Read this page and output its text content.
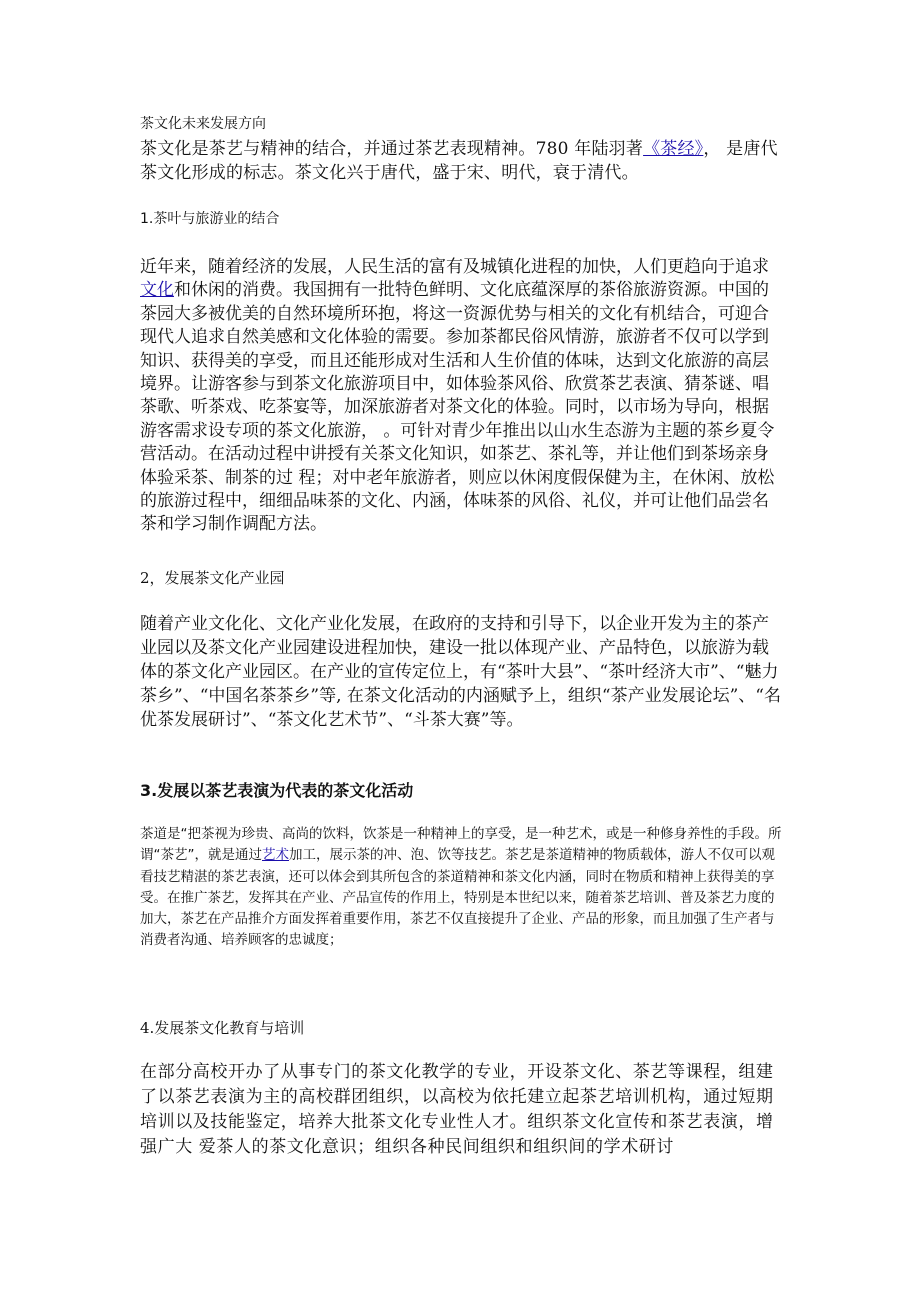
茶文化未来发展方向

茶文化是茶艺与精神的结合，并通过茶艺表现精神。780 年陆羽著《茶经》， 是唐代茶文化形成的标志。茶文化兴于唐代，盛于宋、明代，衰于清代。

1.茶叶与旅游业的结合

近年来，随着经济的发展，人民生活的富有及城镇化进程的加快，人们更趋向于追求文化和休闲的消费。我国拥有一批特色鲜明、文化底蕴深厚的茶俗旅游资源。中国的茶园大多被优美的自然环境所环抱，将这一资源优势与相关的文化有机结合，可迎合现代人追求自然美感和文化体验的需要。参加茶都民俗风情游，旅游者不仅可以学到知识、获得美的享受，而且还能形成对生活和人生价值的体味，达到文化旅游的高层境界。让游客参与到茶文化旅游项目中，如体验茶风俗、欣赏茶艺表演、猜茶谜、唱茶歌、听茶戏、吃茶宴等，加深旅游者对茶文化的体验。同时，以市场为导向，根据游客需求设专项的茶文化旅游， 。可针对青少年推出以山水生态游为主题的茶乡夏令营活动。在活动过程中讲授有关茶文化知识，如茶艺、茶礼等，并让他们到茶场亲身体验采茶、制茶的过 程；对中老年旅游者，则应以休闲度假保健为主，在休闲、放松的旅游过程中，细细品味茶的文化、内涵，体味茶的风俗、礼仪，并可让他们品尝名茶和学习制作调配方法。

2，发展茶文化产业园

随着产业文化化、文化产业化发展，在政府的支持和引导下，以企业开发为主的茶产业园以及茶文化产业园建设进程加快，建设一批以体现产业、产品特色，以旅游为载体的茶文化产业园区。在产业的宣传定位上，有“茶叶大县”、“茶叶经济大市”、“魅力茶乡”、“中国名茶茶乡”等, 在茶文化活动的内涵赋予上，组织“茶产业发展论坛”、“名优茶发展研讨”、“茶文化艺术节”、“斗茶大赛”等。

3.发展以茶艺表演为代表的茶文化活动

茶道是“把茶视为珍贵、高尚的饮料，饮茶是一种精神上的享受，是一种艺术，或是一种修身养性的手段。所谓“茶艺”，就是通过艺术加工，展示茶的冲、泡、饮等技艺。茶艺是茶道精神的物质载体，游人不仅可以观看技艺精湛的茶艺表演，还可以体会到其所包含的茶道精神和茶文化内涵，同时在物质和精神上获得美的享受。在推广茶艺，发挥其在产业、产品宣传的作用上，特别是本世纪以来，随着茶艺培训、普及茶艺力度的加大，茶艺在产品推介方面发挥着重要作用，茶艺不仅直接提升了企业、产品的形象，而且加强了生产者与消费者沟通、培养顾客的忠诚度；

4.发展茶文化教育与培训

在部分高校开办了从事专门的茶文化教学的专业，开设茶文化、茶艺等课程，组建了以茶艺表演为主的高校群团组织，以高校为依托建立起茶艺培训机构，通过短期 培训以及技能鉴定，培养大批茶文化专业性人才。组织茶文化宣传和茶艺表演，增强广大 爱茶人的茶文化意识；组织各种民间组织和组织间的学术研讨
